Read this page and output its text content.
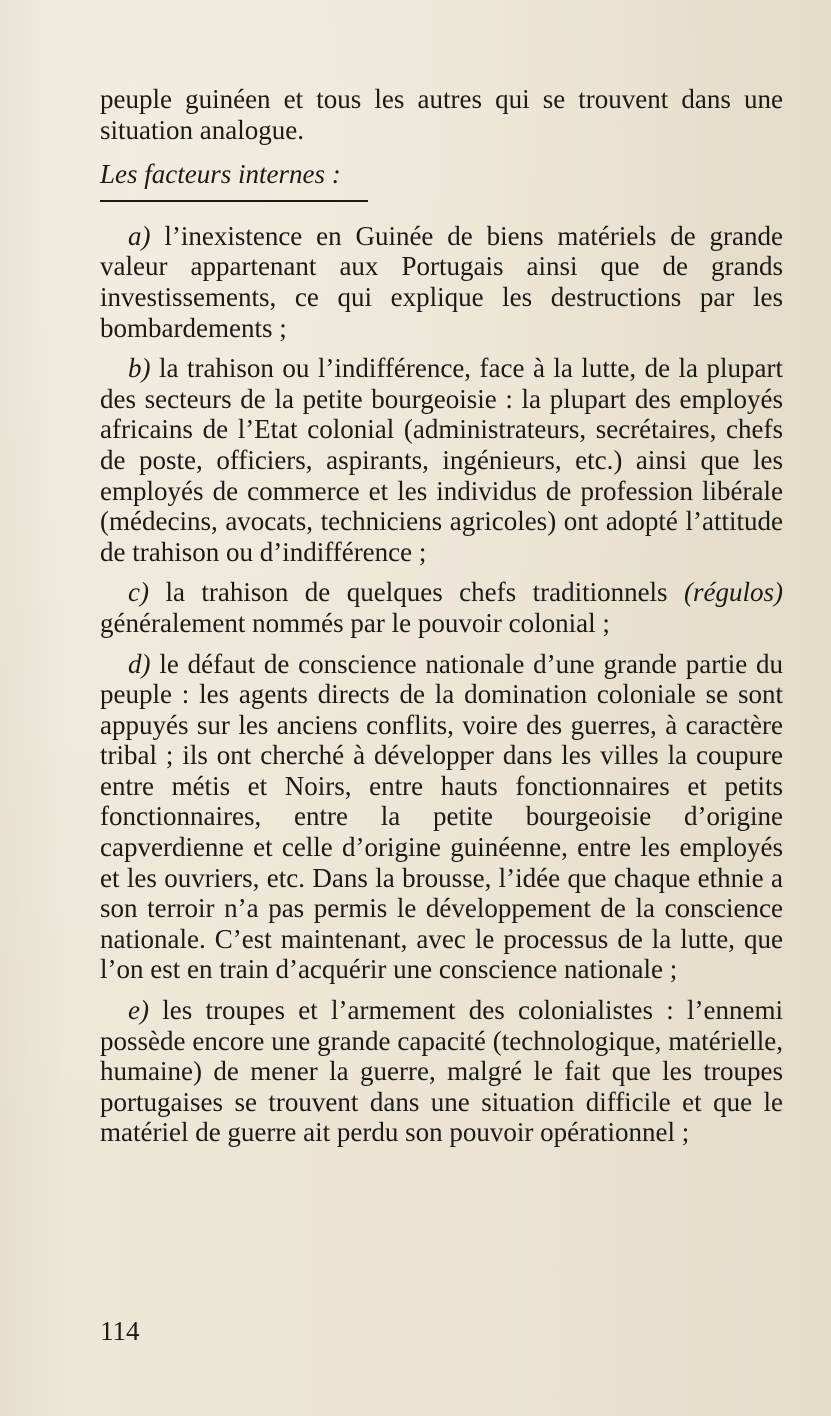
peuple guinéen et tous les autres qui se trouvent dans une situation analogue.

Les facteurs internes :

a) l’inexistence en Guinée de biens matériels de grande valeur appartenant aux Portugais ainsi que de grands investissements, ce qui explique les destructions par les bombardements ;

b) la trahison ou l’indifférence, face à la lutte, de la plupart des secteurs de la petite bourgeoisie : la plupart des employés africains de l’Etat colonial (administrateurs, secrétaires, chefs de poste, officiers, aspirants, ingénieurs, etc.) ainsi que les employés de commerce et les individus de profession libérale (médecins, avocats, techniciens agricoles) ont adopté l’attitude de trahison ou d’indifférence ;

c) la trahison de quelques chefs traditionnels (régulos) généralement nommés par le pouvoir colonial ;

d) le défaut de conscience nationale d’une grande partie du peuple : les agents directs de la domination coloniale se sont appuyés sur les anciens conflits, voire des guerres, à caractère tribal ; ils ont cherché à développer dans les villes la coupure entre métis et Noirs, entre hauts fonctionnaires et petits fonctionnaires, entre la petite bourgeoisie d’origine capverdienne et celle d’origine guinéenne, entre les employés et les ouvriers, etc. Dans la brousse, l’idée que chaque ethnie a son terroir n’a pas permis le développement de la conscience nationale. C’est maintenant, avec le processus de la lutte, que l’on est en train d’acquérir une conscience nationale ;

e) les troupes et l’armement des colonialistes : l’ennemi possède encore une grande capacité (technologique, matérielle, humaine) de mener la guerre, malgré le fait que les troupes portugaises se trouvent dans une situation difficile et que le matériel de guerre ait perdu son pouvoir opérationnel ;

114
